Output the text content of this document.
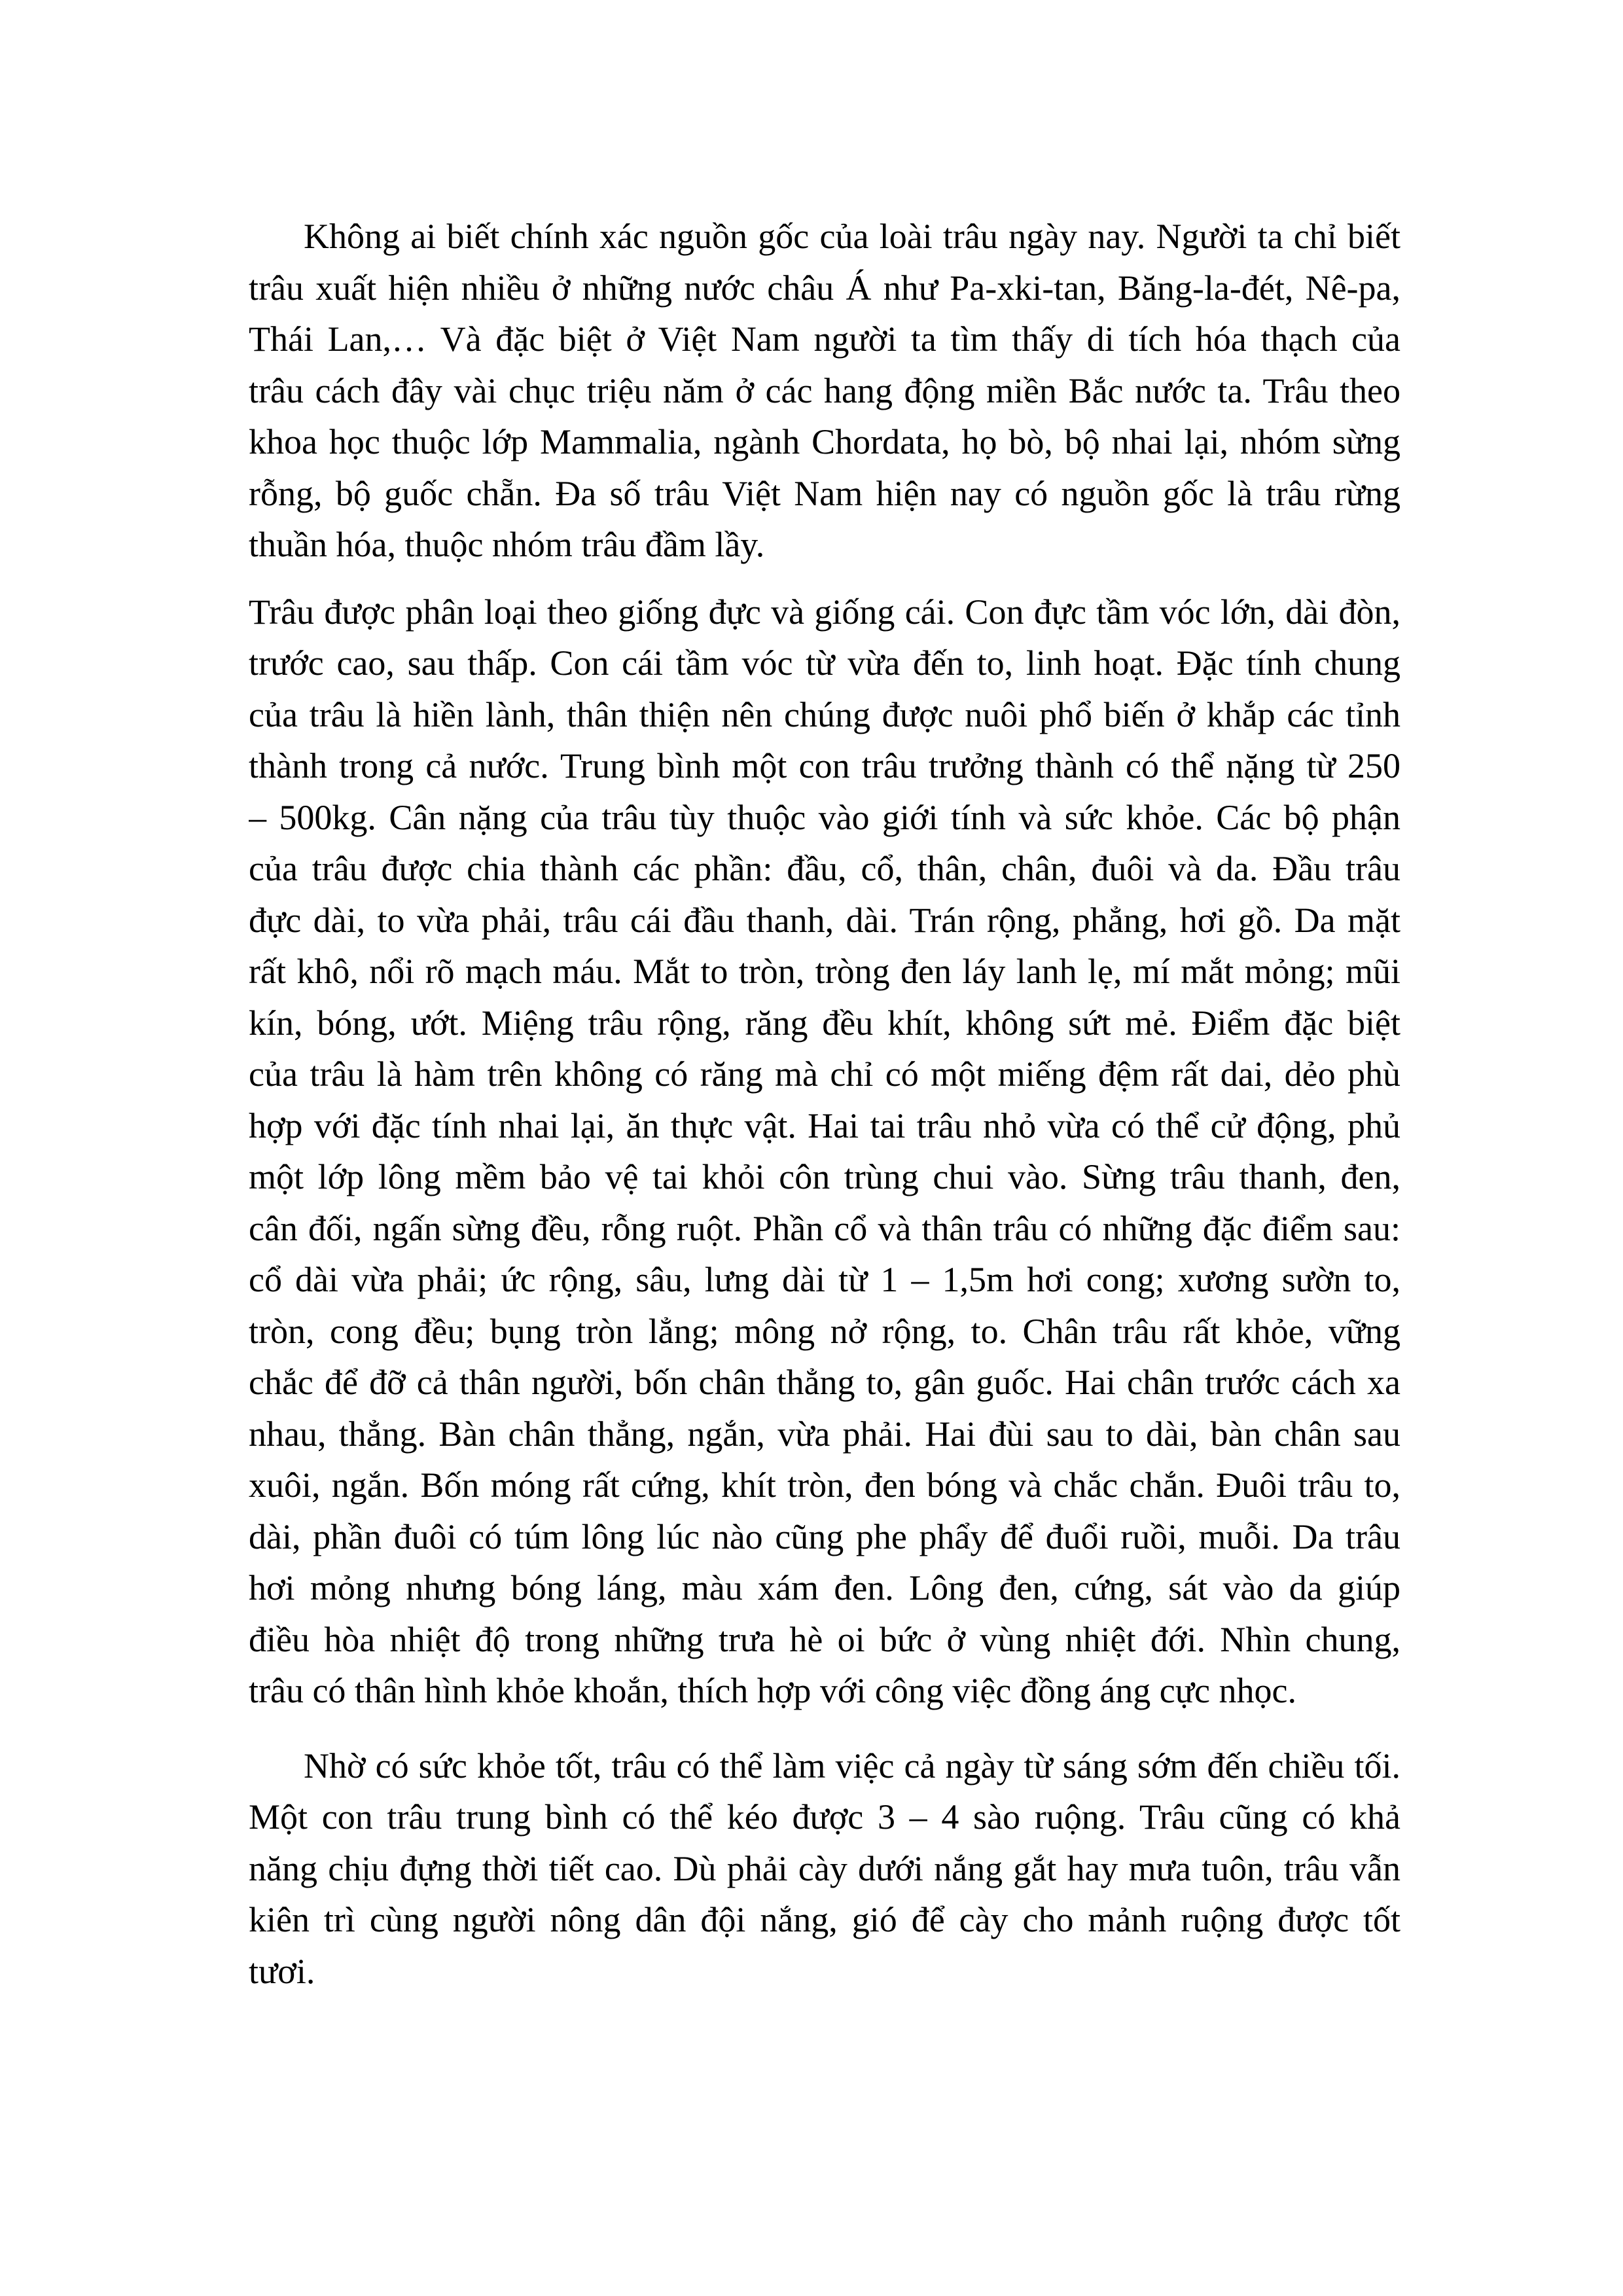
Không ai biết chính xác nguồn gốc của loài trâu ngày nay. Người ta chỉ biết
trâu xuất hiện nhiều ở những nước châu Á như Pa-xki-tan, Băng-la-đét, Nê-pa,
Thái Lan,… Và đặc biệt ở Việt Nam người ta tìm thấy di tích hóa thạch của
trâu cách đây vài chục triệu năm ở các hang động miền Bắc nước ta. Trâu theo
khoa học thuộc lớp Mammalia, ngành Chordata, họ bò, bộ nhai lại, nhóm sừng
rỗng, bộ guốc chẵn. Đa số trâu Việt Nam hiện nay có nguồn gốc là trâu rừng
thuần hóa, thuộc nhóm trâu đầm lầy.
Trâu được phân loại theo giống đực và giống cái. Con đực tầm vóc lớn, dài đòn,
trước cao, sau thấp. Con cái tầm vóc từ vừa đến to, linh hoạt. Đặc tính chung
của trâu là hiền lành, thân thiện nên chúng được nuôi phổ biến ở khắp các tỉnh
thành trong cả nước. Trung bình một con trâu trưởng thành có thể nặng từ 250
– 500kg. Cân nặng của trâu tùy thuộc vào giới tính và sức khỏe. Các bộ phận
của trâu được chia thành các phần: đầu, cổ, thân, chân, đuôi và da. Đầu trâu
đực dài, to vừa phải, trâu cái đầu thanh, dài. Trán rộng, phẳng, hơi gồ. Da mặt
rất khô, nổi rõ mạch máu. Mắt to tròn, tròng đen láy lanh lẹ, mí mắt mỏng; mũi
kín, bóng, ướt. Miệng trâu rộng, răng đều khít, không sứt mẻ. Điểm đặc biệt
của trâu là hàm trên không có răng mà chỉ có một miếng đệm rất dai, dẻo phù
hợp với đặc tính nhai lại, ăn thực vật. Hai tai trâu nhỏ vừa có thể cử động, phủ
một lớp lông mềm bảo vệ tai khỏi côn trùng chui vào. Sừng trâu thanh, đen,
cân đối, ngấn sừng đều, rỗng ruột. Phần cổ và thân trâu có những đặc điểm sau:
cổ dài vừa phải; ức rộng, sâu, lưng dài từ 1 – 1,5m hơi cong; xương sườn to,
tròn, cong đều; bụng tròn lẳng; mông nở rộng, to. Chân trâu rất khỏe, vững
chắc để đỡ cả thân người, bốn chân thẳng to, gân guốc. Hai chân trước cách xa
nhau, thẳng. Bàn chân thẳng, ngắn, vừa phải. Hai đùi sau to dài, bàn chân sau
xuôi, ngắn. Bốn móng rất cứng, khít tròn, đen bóng và chắc chắn. Đuôi trâu to,
dài, phần đuôi có túm lông lúc nào cũng phe phẩy để đuổi ruồi, muỗi. Da trâu
hơi mỏng nhưng bóng láng, màu xám đen. Lông đen, cứng, sát vào da giúp
điều hòa nhiệt độ trong những trưa hè oi bức ở vùng nhiệt đới. Nhìn chung,
trâu có thân hình khỏe khoắn, thích hợp với công việc đồng áng cực nhọc.
Nhờ có sức khỏe tốt, trâu có thể làm việc cả ngày từ sáng sớm đến chiều tối.
Một con trâu trung bình có thể kéo được 3 – 4 sào ruộng. Trâu cũng có khả
năng chịu đựng thời tiết cao. Dù phải cày dưới nắng gắt hay mưa tuôn, trâu vẫn
kiên trì cùng người nông dân đội nắng, gió để cày cho mảnh ruộng được tốt
tươi.
